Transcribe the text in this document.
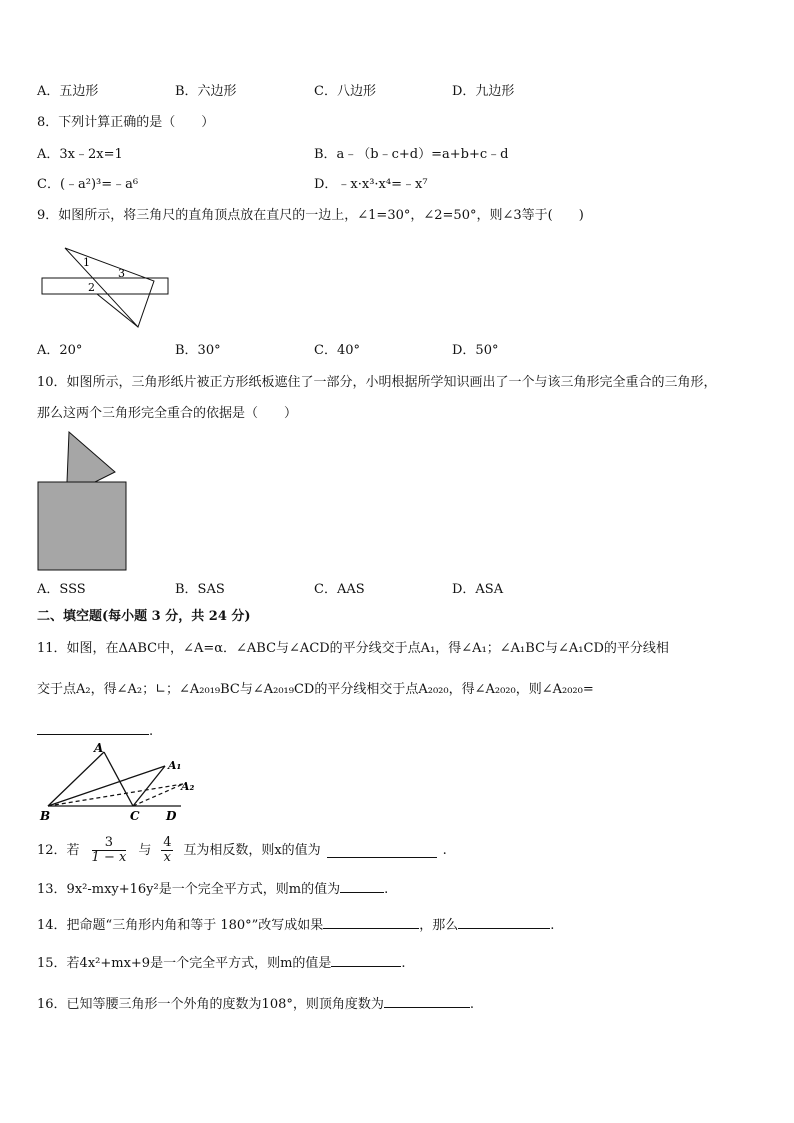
A．五边形	B．六边形	C．八边形	D．九边形
8．下列计算正确的是（　　）
A．3x﹣2x=1	B．a﹣（b﹣c+d）=a+b+c﹣d
C．(﹣a²)³=﹣a⁶	D．﹣x·x³·x⁴=﹣x⁷
9．如图所示，将三角尺的直角顶点放在直尺的一边上，∠1=30°，∠2=50°，则∠3等于(　　)
1
3
2
A．20°	B．30°	C．40°	D．50°
10．如图所示，三角形纸片被正方形纸板遮住了一部分，小明根据所学知识画出了一个与该三角形完全重合的三角形，
那么这两个三角形完全重合的依据是（　　）
A．SSS	B．SAS	C．AAS	D．ASA
二、填空题(每小题 3 分，共 24 分)
11．如图，在ΔABC中，∠A=α．∠ABC与∠ACD的平分线交于点A₁，得∠A₁；∠A₁BC与∠A₁CD的平分线相
交于点A₂，得∠A₂；∟；∠A₂₀₁₉BC与∠A₂₀₁₉CD的平分线相交于点A₂₀₂₀，得∠A₂₀₂₀，则∠A₂₀₂₀=
.
A
A₁
A₂
B	C D
12．若 3
1 − x 与 4
x 互为相反数，则x的值为	.
13．9x²-mxy+16y²是一个完全平方式，则m的值为	.
14．把命题“三角形内角和等于 180°”改写成如果	，那么	.
15．若4x²+mx+9是一个完全平方式，则m的值是	.
16．已知等腰三角形一个外角的度数为108°，则顶角度数为	.
